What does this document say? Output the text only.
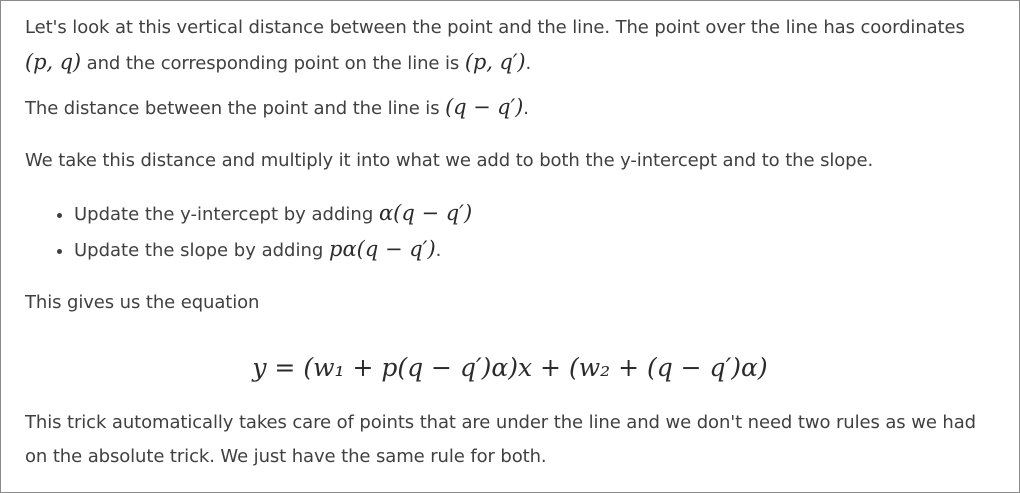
Let's look at this vertical distance between the point and the line. The point over the line has coordinates (p, q) and the corresponding point on the line is (p, q′).

The distance between the point and the line is (q − q′).

We take this distance and multiply it into what we add to both the y-intercept and to the slope.

• Update the y-intercept by adding α(q − q′)
• Update the slope by adding pα(q − q′).

This gives us the equation

y = (w₁ + p(q − q′)α)x + (w₂ + (q − q′)α)

This trick automatically takes care of points that are under the line and we don't need two rules as we had on the absolute trick. We just have the same rule for both.
